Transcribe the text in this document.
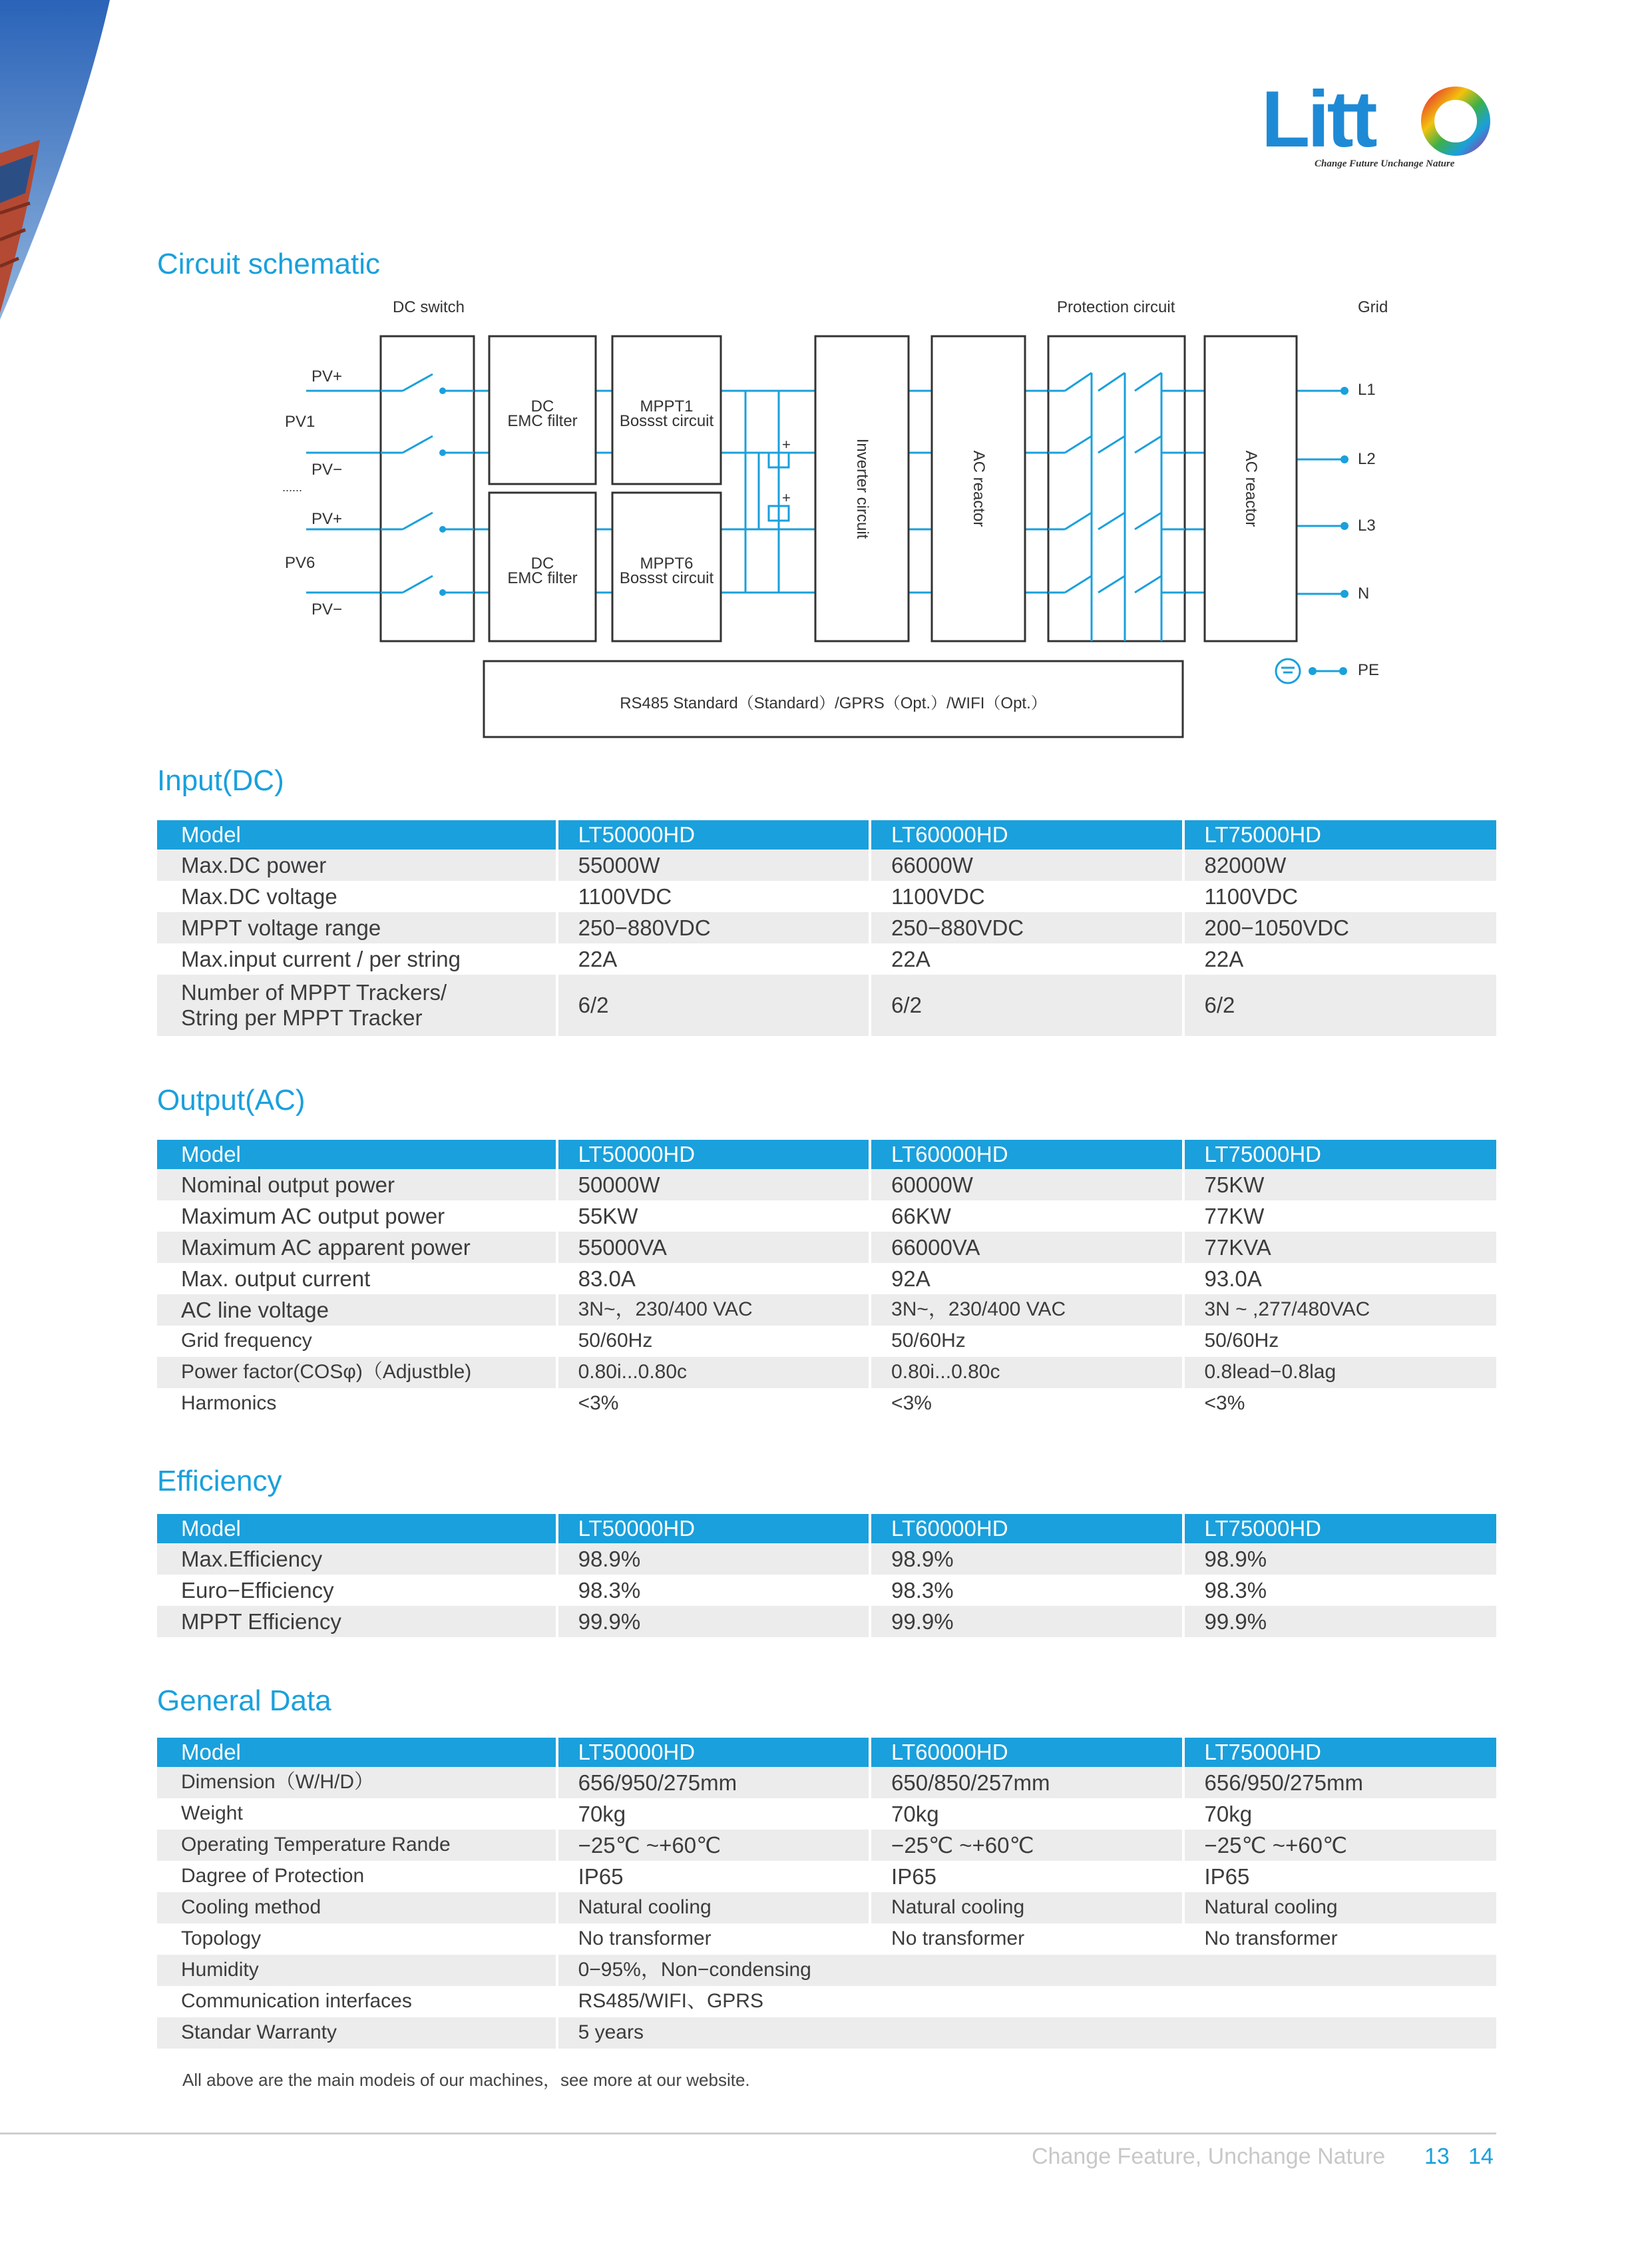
Litt
Change Future Unchange Nature
Circuit schematic
DC switch	Protection circuit	Grid
PV+
PV1
PV−
......
PV+
PV6
PV−
DC
EMC filter
MPPT1
Bossst circuit
DC
EMC filter
MPPT6
Bossst circuit
+
+	Inverter circuit	AC reactor	AC reactor
L1
L2
L3
N
PE
RS485 Standard（Standard）/GPRS（Opt.）/WIFI（Opt.）
Input(DC)
Model	LT50000HD	LT60000HD	LT75000HD
Max.DC power	55000W	66000W	82000W
Max.DC voltage	1100VDC	1100VDC	1100VDC
MPPT voltage range	250−880VDC	250−880VDC	200−1050VDC
Max.input current / per string	22A	22A	22A
Number of MPPT Trackers/
String per MPPT Tracker	6/2	6/2	6/2
Output(AC)
Model	LT50000HD	LT60000HD	LT75000HD
Nominal output power	50000W	60000W	75KW
Maximum AC output power	55KW	66KW	77KW
Maximum AC apparent power	55000VA	66000VA	77KVA
Max. output current	83.0A	92A	93.0A
AC line voltage	3N~，230/400 VAC	3N~，230/400 VAC	3N ~ ,277/480VAC
Grid frequency	50/60Hz	50/60Hz	50/60Hz
Power factor(COSφ)（Adjustble)	0.80i...0.80c	0.80i...0.80c	0.8lead−0.8lag
Harmonics	<3%	<3%	<3%
Efficiency
Model	LT50000HD	LT60000HD	LT75000HD
Max.Efficiency	98.9%	98.9%	98.9%
Euro−Efficiency	98.3%	98.3%	98.3%
MPPT Efficiency	99.9%	99.9%	99.9%
General Data
Model	LT50000HD	LT60000HD	LT75000HD
Dimension（W/H/D）	656/950/275mm	650/850/257mm	656/950/275mm
Weight	70kg	70kg	70kg
Operating Temperature Rande	−25℃ ~+60℃	−25℃ ~+60℃	−25℃ ~+60℃
Dagree of Protection	IP65	IP65	IP65
Cooling method	Natural cooling	Natural cooling	Natural cooling
Topology	No transformer	No transformer	No transformer
Humidity	0−95%，Non−condensing		
Communication interfaces	RS485/WIFI、GPRS		
Standar Warranty	5 years		
All above are the main modeis of our machines，see more at our website.
Change Feature, Unchange Nature 13 14
